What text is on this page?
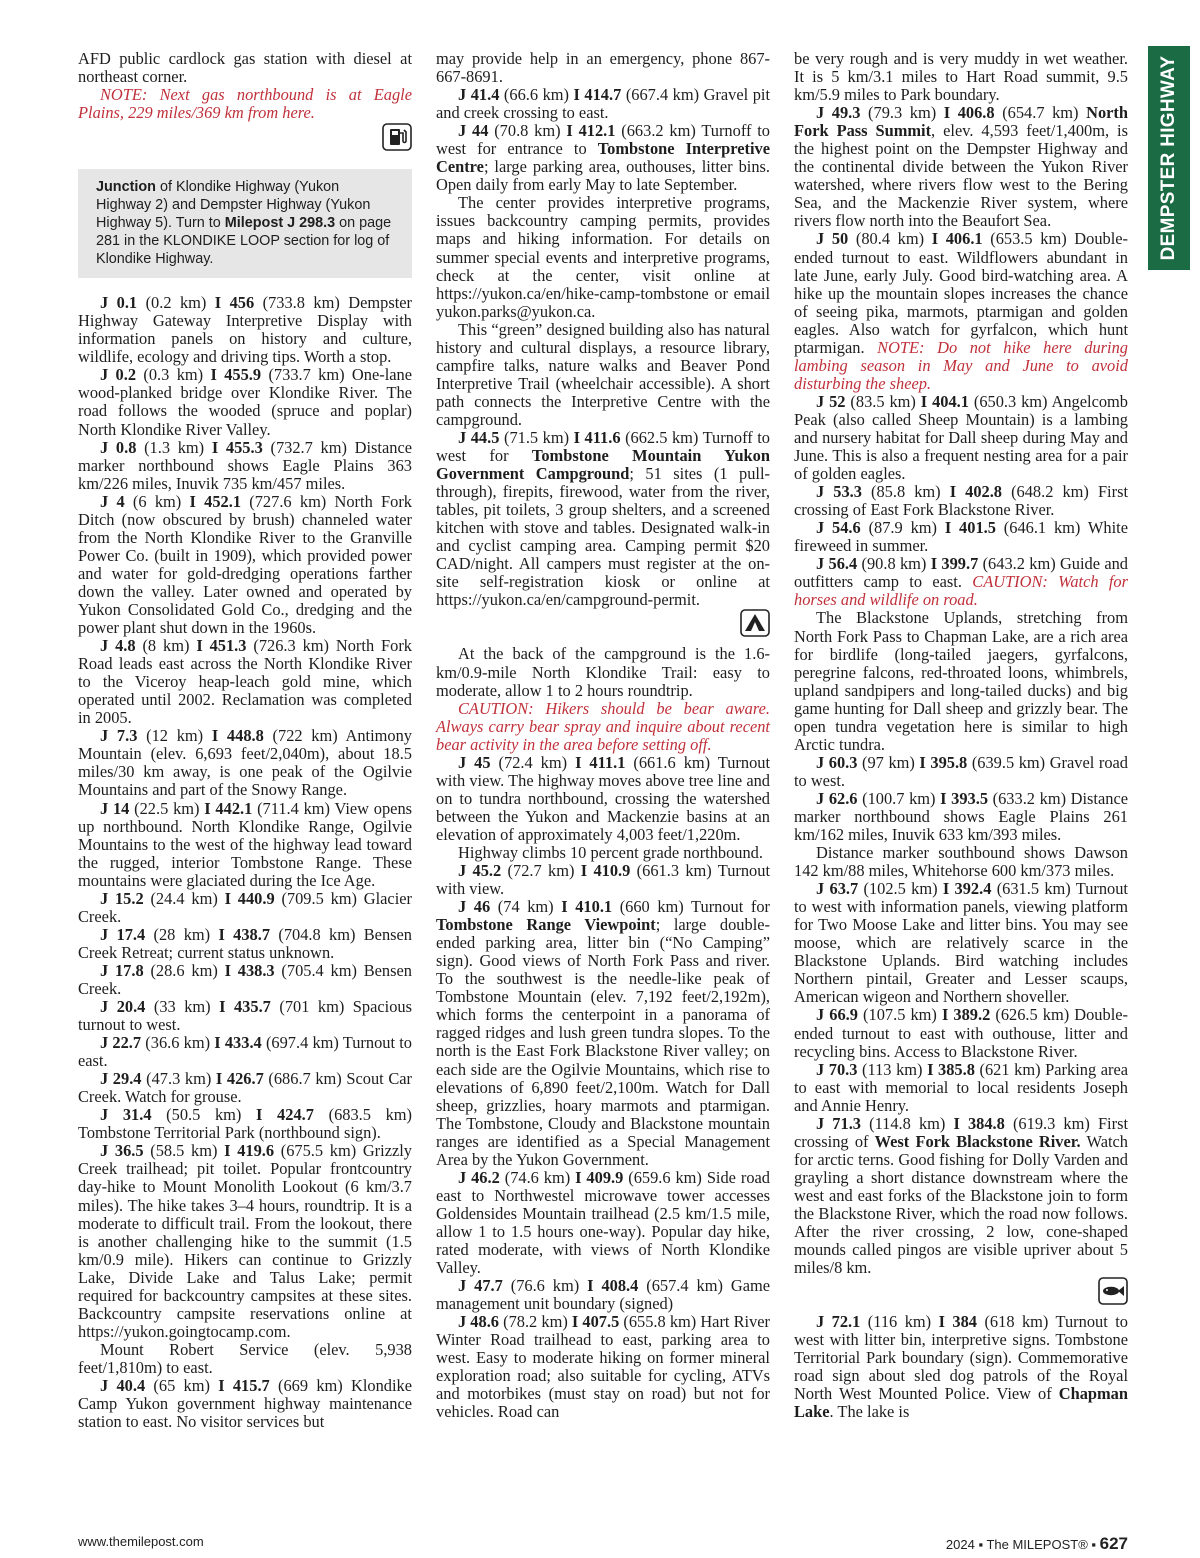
DEMPSTER HIGHWAY

AFD public cardlock gas station with diesel at northeast corner.

NOTE: Next gas northbound is at Eagle Plains, 229 miles/369 km from here.

Junction of Klondike Highway (Yukon Highway 2) and Dempster Highway (Yukon Highway 5). Turn to Milepost J 298.3 on page 281 in the KLONDIKE LOOP section for log of Klondike Highway.

J 0.1 (0.2 km) I 456 (733.8 km) Dempster Highway Gateway Interpretive Display with information panels on history and culture, wildlife, ecology and driving tips. Worth a stop.

J 0.2 (0.3 km) I 455.9 (733.7 km) One-lane wood-planked bridge over Klondike River. The road follows the wooded (spruce and poplar) North Klondike River Valley.

J 0.8 (1.3 km) I 455.3 (732.7 km) Distance marker northbound shows Eagle Plains 363 km/226 miles, Inuvik 735 km/457 miles.

J 4 (6 km) I 452.1 (727.6 km) North Fork Ditch (now obscured by brush) channeled water from the North Klondike River to the Granville Power Co. (built in 1909), which provided power and water for gold-dredging operations farther down the valley. Later owned and operated by Yukon Consolidated Gold Co., dredging and the power plant shut down in the 1960s.

J 4.8 (8 km) I 451.3 (726.3 km) North Fork Road leads east across the North Klondike River to the Viceroy heap-leach gold mine, which operated until 2002. Reclamation was completed in 2005.

J 7.3 (12 km) I 448.8 (722 km) Antimony Mountain (elev. 6,693 feet/2,040m), about 18.5 miles/30 km away, is one peak of the Ogilvie Mountains and part of the Snowy Range.

J 14 (22.5 km) I 442.1 (711.4 km) View opens up northbound. North Klondike Range, Ogilvie Mountains to the west of the highway lead toward the rugged, interior Tombstone Range. These mountains were glaciated during the Ice Age.

J 15.2 (24.4 km) I 440.9 (709.5 km) Glacier Creek.

J 17.4 (28 km) I 438.7 (704.8 km) Bensen Creek Retreat; current status unknown.

J 17.8 (28.6 km) I 438.3 (705.4 km) Bensen Creek.

J 20.4 (33 km) I 435.7 (701 km) Spacious turnout to west.

J 22.7 (36.6 km) I 433.4 (697.4 km) Turnout to east.

J 29.4 (47.3 km) I 426.7 (686.7 km) Scout Car Creek. Watch for grouse.

J 31.4 (50.5 km) I 424.7 (683.5 km) Tombstone Territorial Park (northbound sign).

J 36.5 (58.5 km) I 419.6 (675.5 km) Grizzly Creek trailhead; pit toilet. Popular frontcountry day-hike to Mount Monolith Lookout (6 km/3.7 miles). The hike takes 3–4 hours, roundtrip. It is a moderate to difficult trail. From the lookout, there is another challenging hike to the summit (1.5 km/0.9 mile). Hikers can continue to Grizzly Lake, Divide Lake and Talus Lake; permit required for backcountry campsites at these sites. Backcountry campsite reservations online at https://yukon.goingtocamp.com.

Mount Robert Service (elev. 5,938 feet/1,810m) to east.

J 40.4 (65 km) I 415.7 (669 km) Klondike Camp Yukon government highway maintenance station to east. No visitor services but

may provide help in an emergency, phone 867-667-8691.

J 41.4 (66.6 km) I 414.7 (667.4 km) Gravel pit and creek crossing to east.

J 44 (70.8 km) I 412.1 (663.2 km) Turnoff to west for entrance to Tombstone Interpretive Centre; large parking area, outhouses, litter bins. Open daily from early May to late September.

The center provides interpretive programs, issues backcountry camping permits, provides maps and hiking information. For details on summer special events and interpretive programs, check at the center, visit online at https://yukon.ca/en/hike-camp-tombstone or email yukon.parks@yukon.ca.

This “green” designed building also has natural history and cultural displays, a resource library, campfire talks, nature walks and Beaver Pond Interpretive Trail (wheelchair accessible). A short path connects the Interpretive Centre with the campground.

J 44.5 (71.5 km) I 411.6 (662.5 km) Turnoff to west for Tombstone Mountain Yukon Government Campground; 51 sites (1 pull-through), firepits, firewood, water from the river, tables, pit toilets, 3 group shelters, and a screened kitchen with stove and tables. Designated walk-in and cyclist camping area. Camping permit $20 CAD/night. All campers must register at the on-site self-registration kiosk or online at https://yukon.ca/en/campground-permit.

At the back of the campground is the 1.6-km/0.9-mile North Klondike Trail: easy to moderate, allow 1 to 2 hours roundtrip.

CAUTION: Hikers should be bear aware. Always carry bear spray and inquire about recent bear activity in the area before setting off.

J 45 (72.4 km) I 411.1 (661.6 km) Turnout with view. The highway moves above tree line and on to tundra northbound, crossing the watershed between the Yukon and Mackenzie basins at an elevation of approximately 4,003 feet/1,220m.

Highway climbs 10 percent grade northbound.

J 45.2 (72.7 km) I 410.9 (661.3 km) Turnout with view.

J 46 (74 km) I 410.1 (660 km) Turnout for Tombstone Range Viewpoint; large double-ended parking area, litter bin (“No Camping” sign). Good views of North Fork Pass and river. To the southwest is the needle-like peak of Tombstone Mountain (elev. 7,192 feet/2,192m), which forms the centerpoint in a panorama of ragged ridges and lush green tundra slopes. To the north is the East Fork Blackstone River valley; on each side are the Ogilvie Mountains, which rise to elevations of 6,890 feet/2,100m. Watch for Dall sheep, grizzlies, hoary marmots and ptarmigan. The Tombstone, Cloudy and Blackstone mountain ranges are identified as a Special Management Area by the Yukon Government.

J 46.2 (74.6 km) I 409.9 (659.6 km) Side road east to Northwestel microwave tower accesses Goldensides Mountain trailhead (2.5 km/1.5 mile, allow 1 to 1.5 hours one-way). Popular day hike, rated moderate, with views of North Klondike Valley.

J 47.7 (76.6 km) I 408.4 (657.4 km) Game management unit boundary (signed)

J 48.6 (78.2 km) I 407.5 (655.8 km) Hart River Winter Road trailhead to east, parking area to west. Easy to moderate hiking on former mineral exploration road; also suitable for cycling, ATVs and motorbikes (must stay on road) but not for vehicles. Road can

be very rough and is very muddy in wet weather. It is 5 km/3.1 miles to Hart Road summit, 9.5 km/5.9 miles to Park boundary.

J 49.3 (79.3 km) I 406.8 (654.7 km) North Fork Pass Summit, elev. 4,593 feet/1,400m, is the highest point on the Dempster Highway and the continental divide between the Yukon River watershed, where rivers flow west to the Bering Sea, and the Mackenzie River system, where rivers flow north into the Beaufort Sea.

J 50 (80.4 km) I 406.1 (653.5 km) Double-ended turnout to east. Wildflowers abundant in late June, early July. Good bird-watching area. A hike up the mountain slopes increases the chance of seeing pika, marmots, ptarmigan and golden eagles. Also watch for gyrfalcon, which hunt ptarmigan. NOTE: Do not hike here during lambing season in May and June to avoid disturbing the sheep.

J 52 (83.5 km) I 404.1 (650.3 km) Angelcomb Peak (also called Sheep Mountain) is a lambing and nursery habitat for Dall sheep during May and June. This is also a frequent nesting area for a pair of golden eagles.

J 53.3 (85.8 km) I 402.8 (648.2 km) First crossing of East Fork Blackstone River.

J 54.6 (87.9 km) I 401.5 (646.1 km) White fireweed in summer.

J 56.4 (90.8 km) I 399.7 (643.2 km) Guide and outfitters camp to east. CAUTION: Watch for horses and wildlife on road.

The Blackstone Uplands, stretching from North Fork Pass to Chapman Lake, are a rich area for birdlife (long-tailed jaegers, gyrfalcons, peregrine falcons, red-throated loons, whimbrels, upland sandpipers and long-tailed ducks) and big game hunting for Dall sheep and grizzly bear. The open tundra vegetation here is similar to high Arctic tundra.

J 60.3 (97 km) I 395.8 (639.5 km) Gravel road to west.

J 62.6 (100.7 km) I 393.5 (633.2 km) Distance marker northbound shows Eagle Plains 261 km/162 miles, Inuvik 633 km/393 miles.

Distance marker southbound shows Dawson 142 km/88 miles, Whitehorse 600 km/373 miles.

J 63.7 (102.5 km) I 392.4 (631.5 km) Turnout to west with information panels, viewing platform for Two Moose Lake and litter bins. You may see moose, which are relatively scarce in the Blackstone Uplands. Bird watching includes Northern pintail, Greater and Lesser scaups, American wigeon and Northern shoveller.

J 66.9 (107.5 km) I 389.2 (626.5 km) Double-ended turnout to east with outhouse, litter and recycling bins. Access to Blackstone River.

J 70.3 (113 km) I 385.8 (621 km) Parking area to east with memorial to local residents Joseph and Annie Henry.

J 71.3 (114.8 km) I 384.8 (619.3 km) First crossing of West Fork Blackstone River. Watch for arctic terns. Good fishing for Dolly Varden and grayling a short distance downstream where the west and east forks of the Blackstone join to form the Blackstone River, which the road now follows. After the river crossing, 2 low, cone-shaped mounds called pingos are visible upriver about 5 miles/8 km.

J 72.1 (116 km) I 384 (618 km) Turnout to west with litter bin, interpretive signs. Tombstone Territorial Park boundary (sign). Commemorative road sign about sled dog patrols of the Royal North West Mounted Police. View of Chapman Lake. The lake is

www.themilepost.com	2024 ▪ The MILEPOST® ▪ 627
